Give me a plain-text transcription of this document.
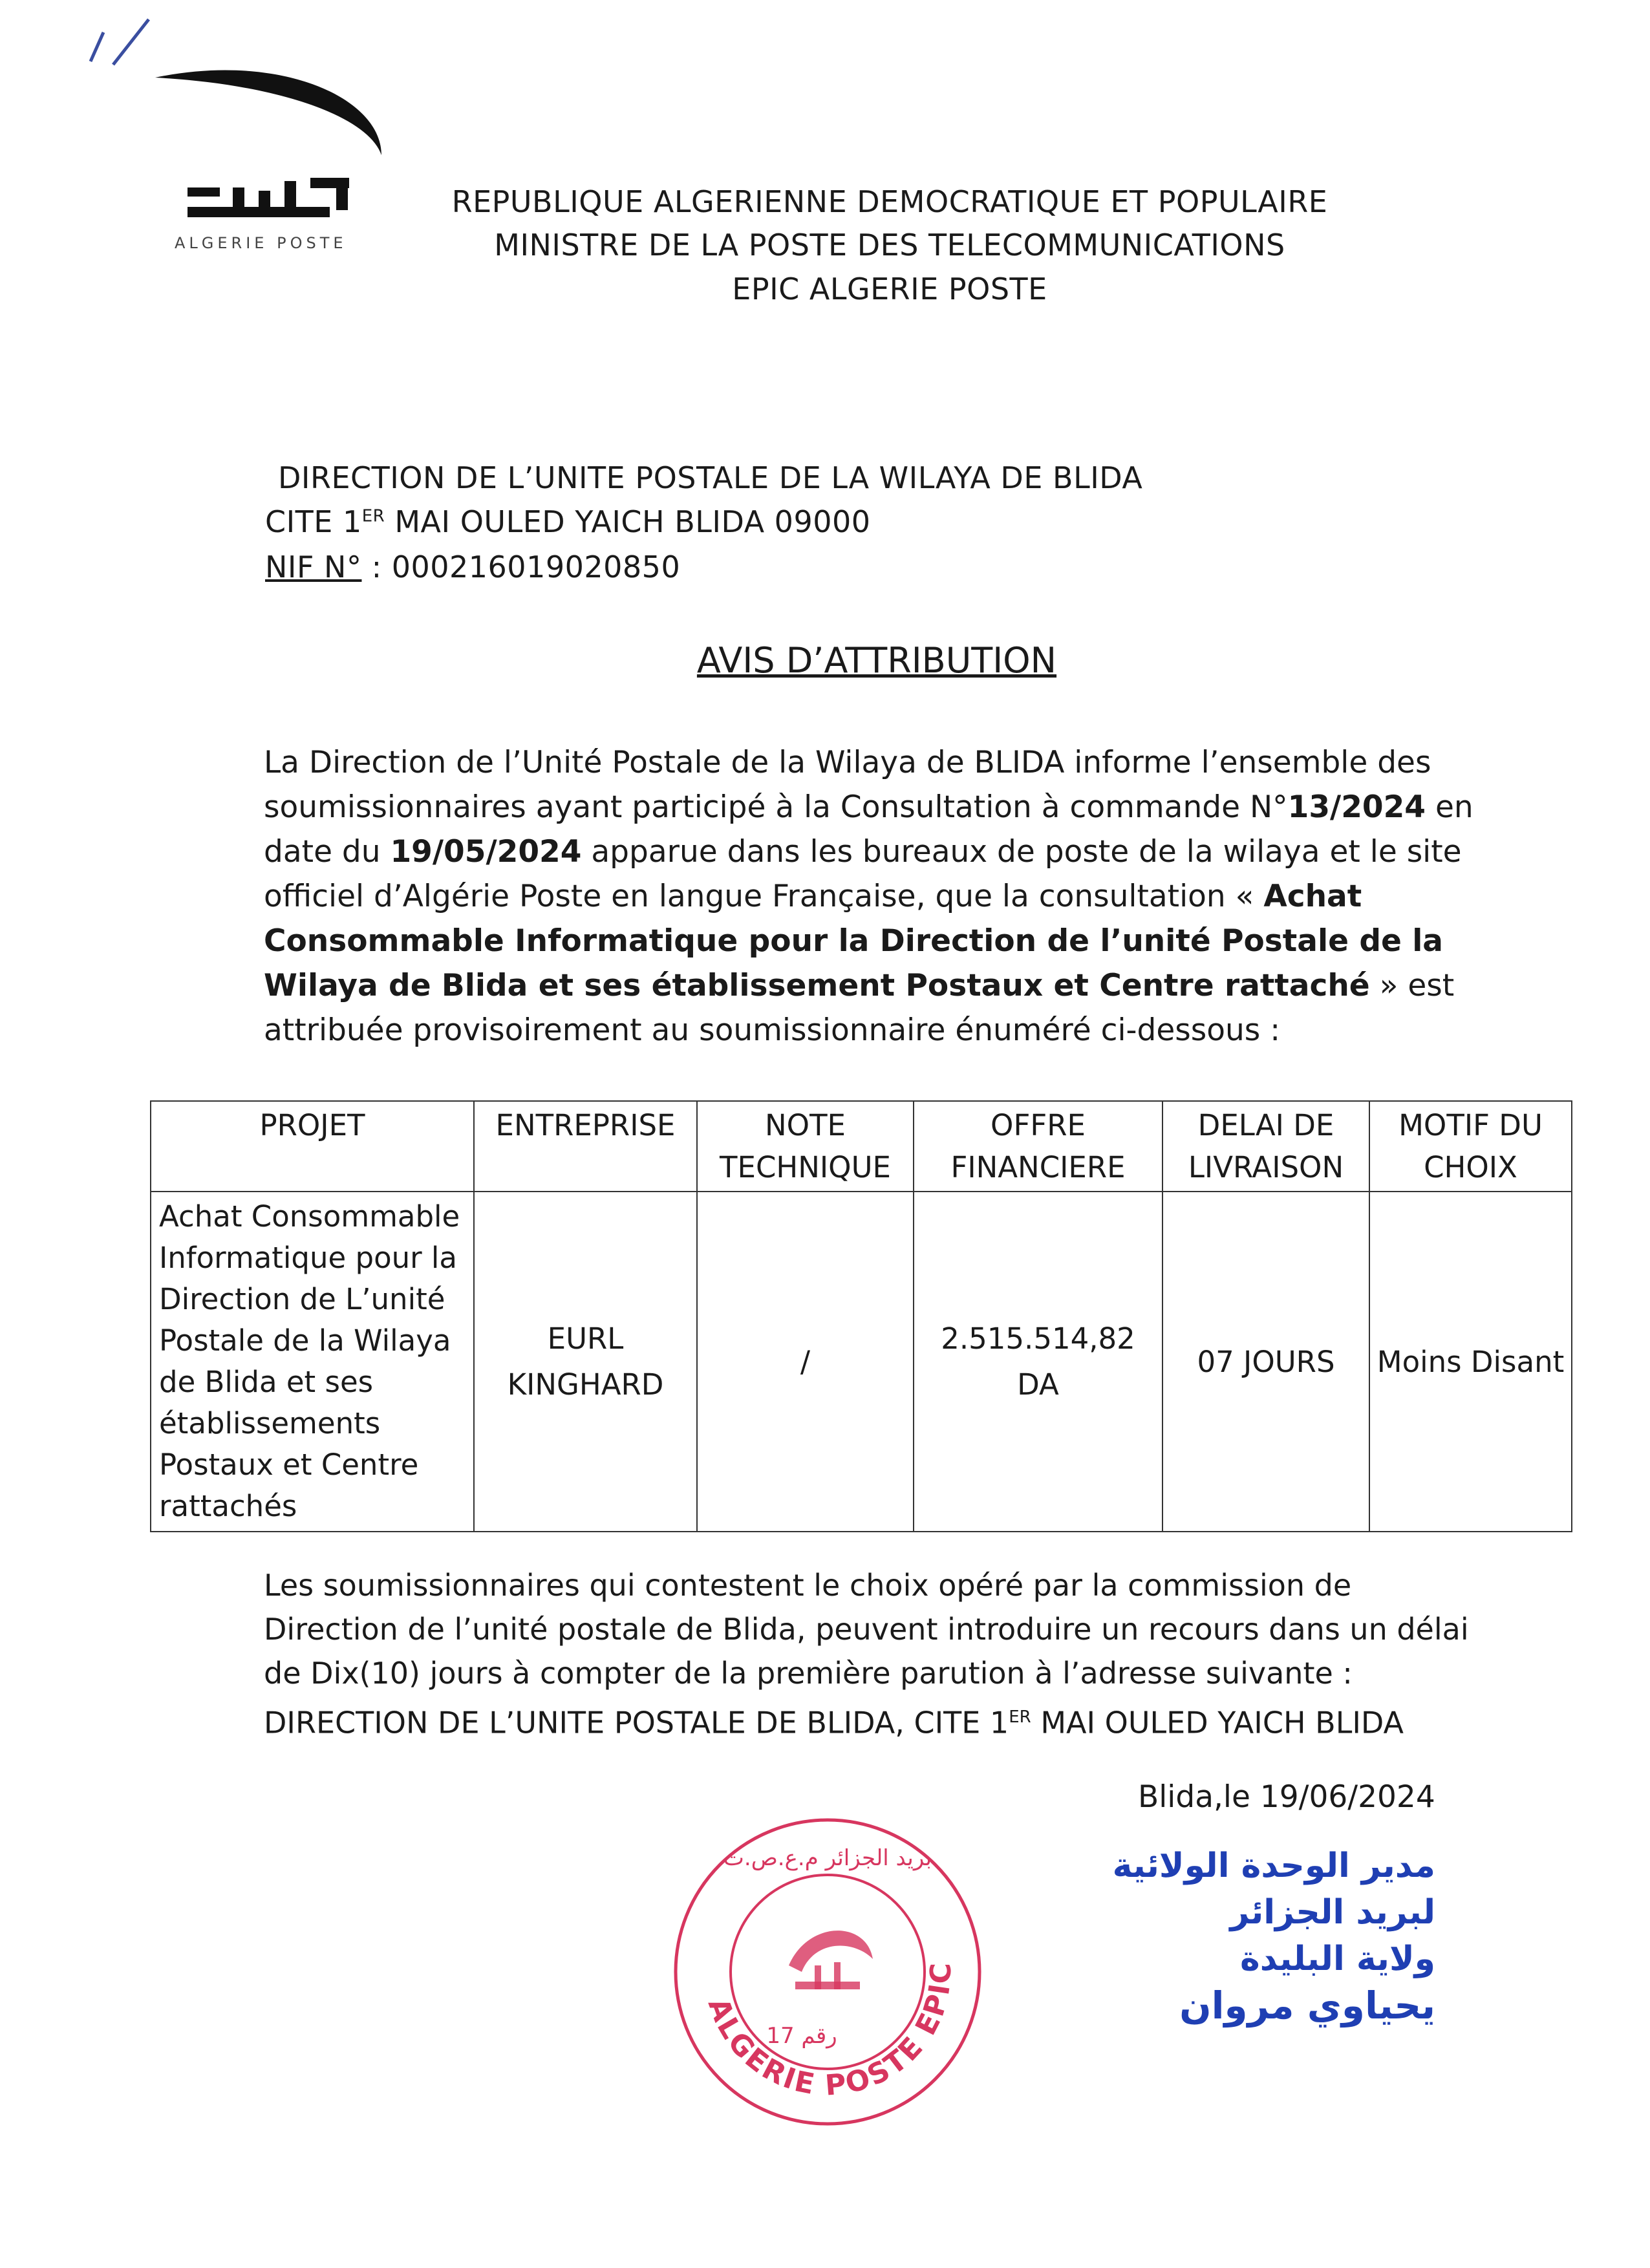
ALGERIE POSTE
REPUBLIQUE ALGERIENNE DEMOCRATIQUE ET POPULAIRE
MINISTRE DE LA POSTE DES TELECOMMUNICATIONS
EPIC ALGERIE POSTE
DIRECTION DE L’UNITE POSTALE DE LA WILAYA DE BLIDA
CITE 1ER MAI OULED YAICH BLIDA 09000
NIF N° : 000216019020850
AVIS D’ATTRIBUTION

La Direction de l’Unité Postale de la Wilaya de BLIDA informe l’ensemble des soumissionnaires ayant participé à la Consultation à commande N°13/2024 en date du 19/05/2024 apparue dans les bureaux de poste de la wilaya et le site officiel d’Algérie Poste en langue Française, que la consultation « Achat Consommable Informatique pour la Direction de l’unité Postale de la Wilaya de Blida et ses établissement Postaux et Centre rattaché » est attribuée provisoirement au soumissionnaire énuméré ci-dessous :

PROJET	ENTREPRISE	NOTE TECHNIQUE	OFFRE FINANCIERE	DELAI DE LIVRAISON	MOTIF DU CHOIX
Achat Consommable Informatique pour la Direction de L’unité Postale de la Wilaya de Blida et ses établissements Postaux et Centre rattachés	EURL KINGHARD	/	2.515.514,82 DA	07 JOURS	Moins Disant

Les soumissionnaires qui contestent le choix opéré par la commission de Direction de l’unité postale de Blida, peuvent introduire un recours dans un délai de Dix(10) jours à compter de la première parution à l’adresse suivante :

DIRECTION DE L’UNITE POSTALE DE BLIDA, CITE 1ER MAI OULED YAICH BLIDA

Blida,le 19/06/2024
ALGERIE POSTE EPIC
بريد الجزائر م.ع.ص.ت
رقم 17
مدير الوحدة الولائية
لبريد الجزائر
ولاية البليدة
يحياوي مروان
